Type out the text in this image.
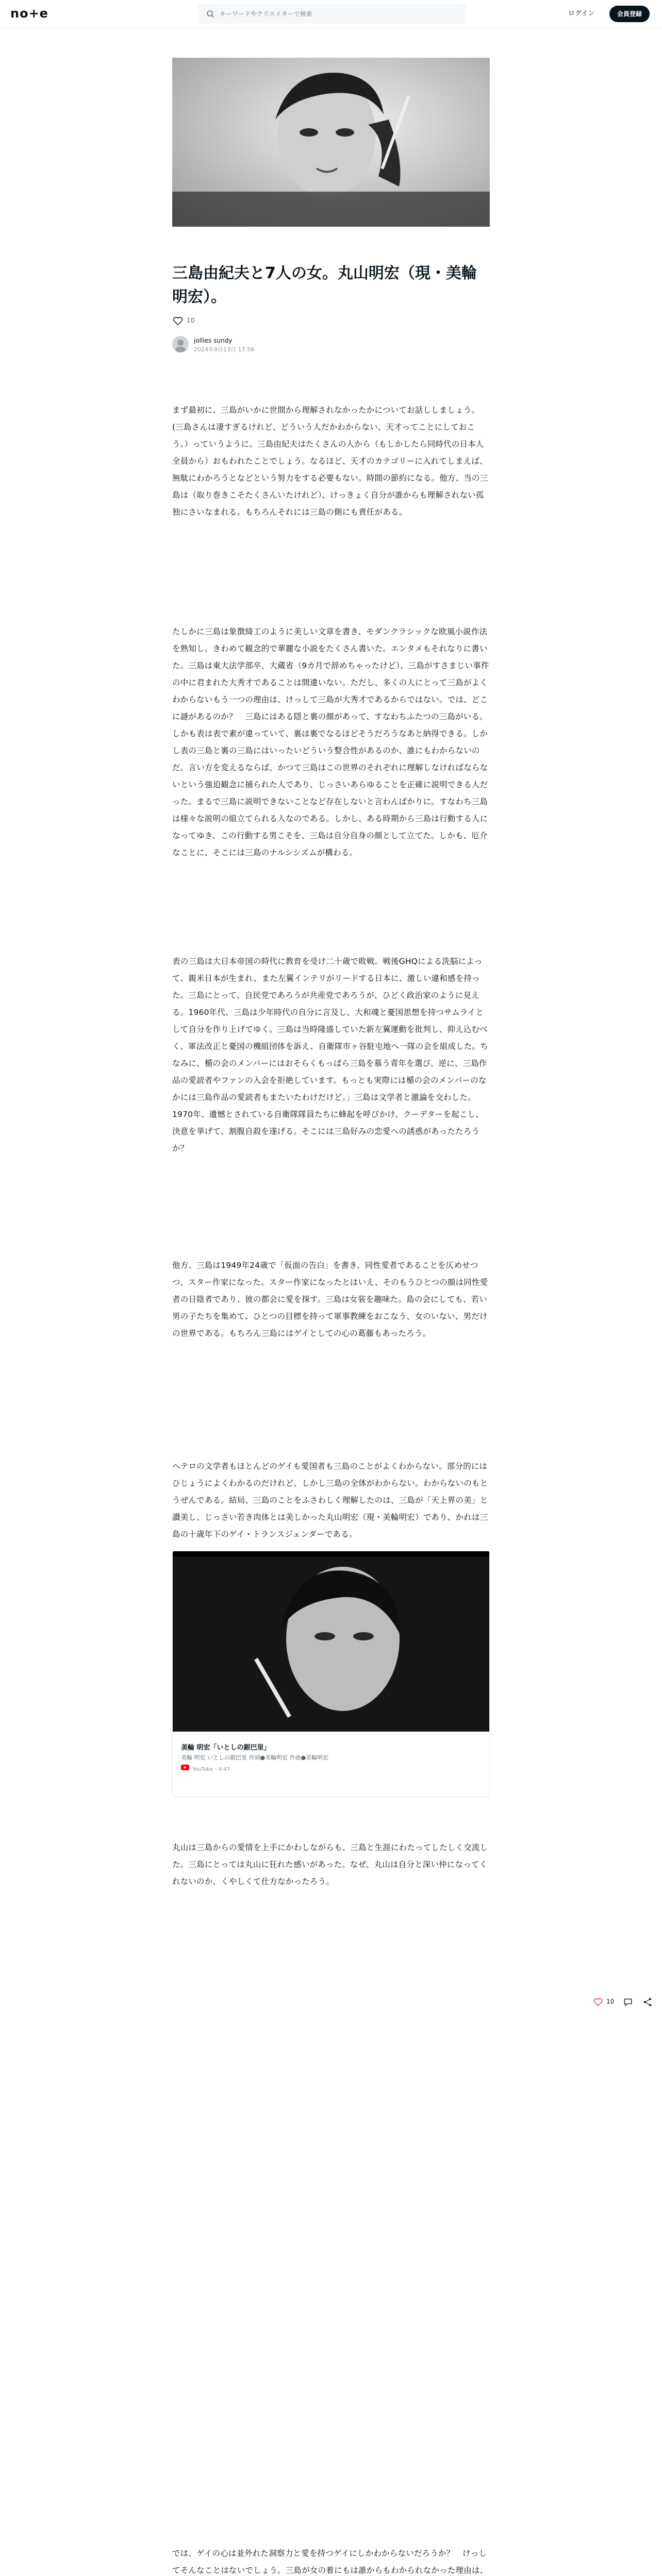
no+e
キーワードやクリエイターで検索	ログイン	会員登録
三島由紀夫と7人の女。丸山明宏（現・美輪明宏）。
10
jollies sundy
2024年9月13日 17:56

まず最初に、三島がいかに世間から理解されなかったかについてお話ししましょう。(三島さんは凄すぎるけれど、どういう人だかわからない、天才ってことにしておこう。）っていうように。三島由紀夫はたくさんの人から（もしかしたら同時代の日本人全員から）おもわれたことでしょう。なるほど、天才のカテゴリーに入れてしまえば、無駄にわかろうとなどという努力をする必要もない。時間の節約になる。他方、当の三島は（取り巻きこそたくさんいたけれど）、けっきょく自分が誰からも理解されない孤独にさいなまれる。もちろんそれには三島の側にも責任がある。

たしかに三島は象徴綺工のように美しい文章を書き、モダンクラシックな欧風小説作法を熟知し、きわめて観念的で華麗な小説をたくさん書いた。エンタメもそれなりに書いた。三島は東大法学部卒、大蔵省（9カ月で辞めちゃったけど）、三島がすさまじい事件の中に君まれた大秀才であることは間違いない。ただし、多くの人にとって三島がよくわからないもう一つの理由は、けっして三島が大秀才であるからではない。では、どこに謎があるのか？　三島にはある隠と裏の顔があって、すなわちふたつの三島がいる。しかも表は表で素が違っていて、裏は裏でなるほどそうだろうなあと納得できる。しかし表の三島と裏の三島にはいったいどういう整合性があるのか、誰にもわからないのだ。言い方を変えるならば、かつて三島はこの世界のそれぞれに理解しなければならないという強迫観念に捕られた人であり、じっさいあらゆることを正確に説明できる人だった。まるで三島に説明できないことなど存在しないと言わんばかりに。すなわち三島は様々な説明の組立てられる人なのである。しかし、ある時期から三島は行動する人になってゆき、この行動する男こそを、三島は自分自身の顔として立てた。しかも、厄介なことに、そこには三島のナルシシズムが構わる。

表の三島は大日本帝国の時代に教育を受け二十歳で敗戦。戦後GHQによる洗脳によって、親米日本が生まれ、また左翼インテリがリードする日本に、激しい違和感を持った。三島にとって、自民党であろうが共産党であろうが、ひどく政治家のように見える。1960年代、三島は少年時代の自分に言及し、大和魂と憂国思想を持つサムライとして自分を作り上げてゆく。三島は当時隆盛していた新左翼運動を批判し、抑え込むべく、軍法改正と憂国の機組団体を訴え、自衛隊市ヶ谷駐屯地へ一隊の会を組成した。ちなみに、楯の会のメンバーにはおそらくもっぱら三島を慕う青年を選び、逆に、三島作品の愛読者やファンの入会を拒絶しています。もっとも実際には楯の会のメンバーのなかには三島作品の愛読者もまたいたわけだけど。」三島は文学者と激論を交わした。1970年、遺憾とされている自衛隊隊員たちに蜂起を呼びかけ、クーデターを起こし、決意を挙げて、割腹自殺を遂げる。そこには三島好みの恋愛への誘惑があったたろうか？

他方、三島は1949年24歳で「仮面の告白」を書き、同性愛者であることを仄めせつつ、スター作家になった。スター作家になったとはいえ、そのもうひとつの顔は同性愛者の日陰者であり、彼の都会に愛を探す。三島は女装を趣味た。島の会にしても、若い男の子たちを集めて、ひとつの目標を持って軍事教練をおこなう、女のいない、男だけの世界である。もちろん三島にはゲイとしての心の葛藤もあったろう。

ヘテロの文学者もほとんどのゲイも愛国者も三島のことがよくわからない。部分的にはひじょうによくわかるのだけれど、しかし三島の全体がわからない。わからないのもとうぜんである。結局、三島のことをふさわしく理解したのは、三島が「天上界の美」と讃美し、じっさい若き肉体とは美しかった丸山明宏（現・美輪明宏）であり、かれは三島の十歳年下のゲイ・トランスジェンダーである。

美輪 明宏「いとしの銀巴里」
美輪 明宏 いとしの銀巴里 作詞●美輪明宏 作曲●美輪明宏
YouTube・4:47

丸山は三島からの愛情を上手にかわしながらも、三島と生涯にわたってしたしく交流した。三島にとっては丸山に狂れた感いがあった。なぜ、丸山は自分と深い仲になってくれないのか、くやしくて仕方なかったろう。

では、ゲイの心は並外れた洞察力と愛を持つゲイにしかわからないだろうか？　けっしてそんなことはないでしょう。三島が女の着にもは誰からもわかられなかった理由は、

10
